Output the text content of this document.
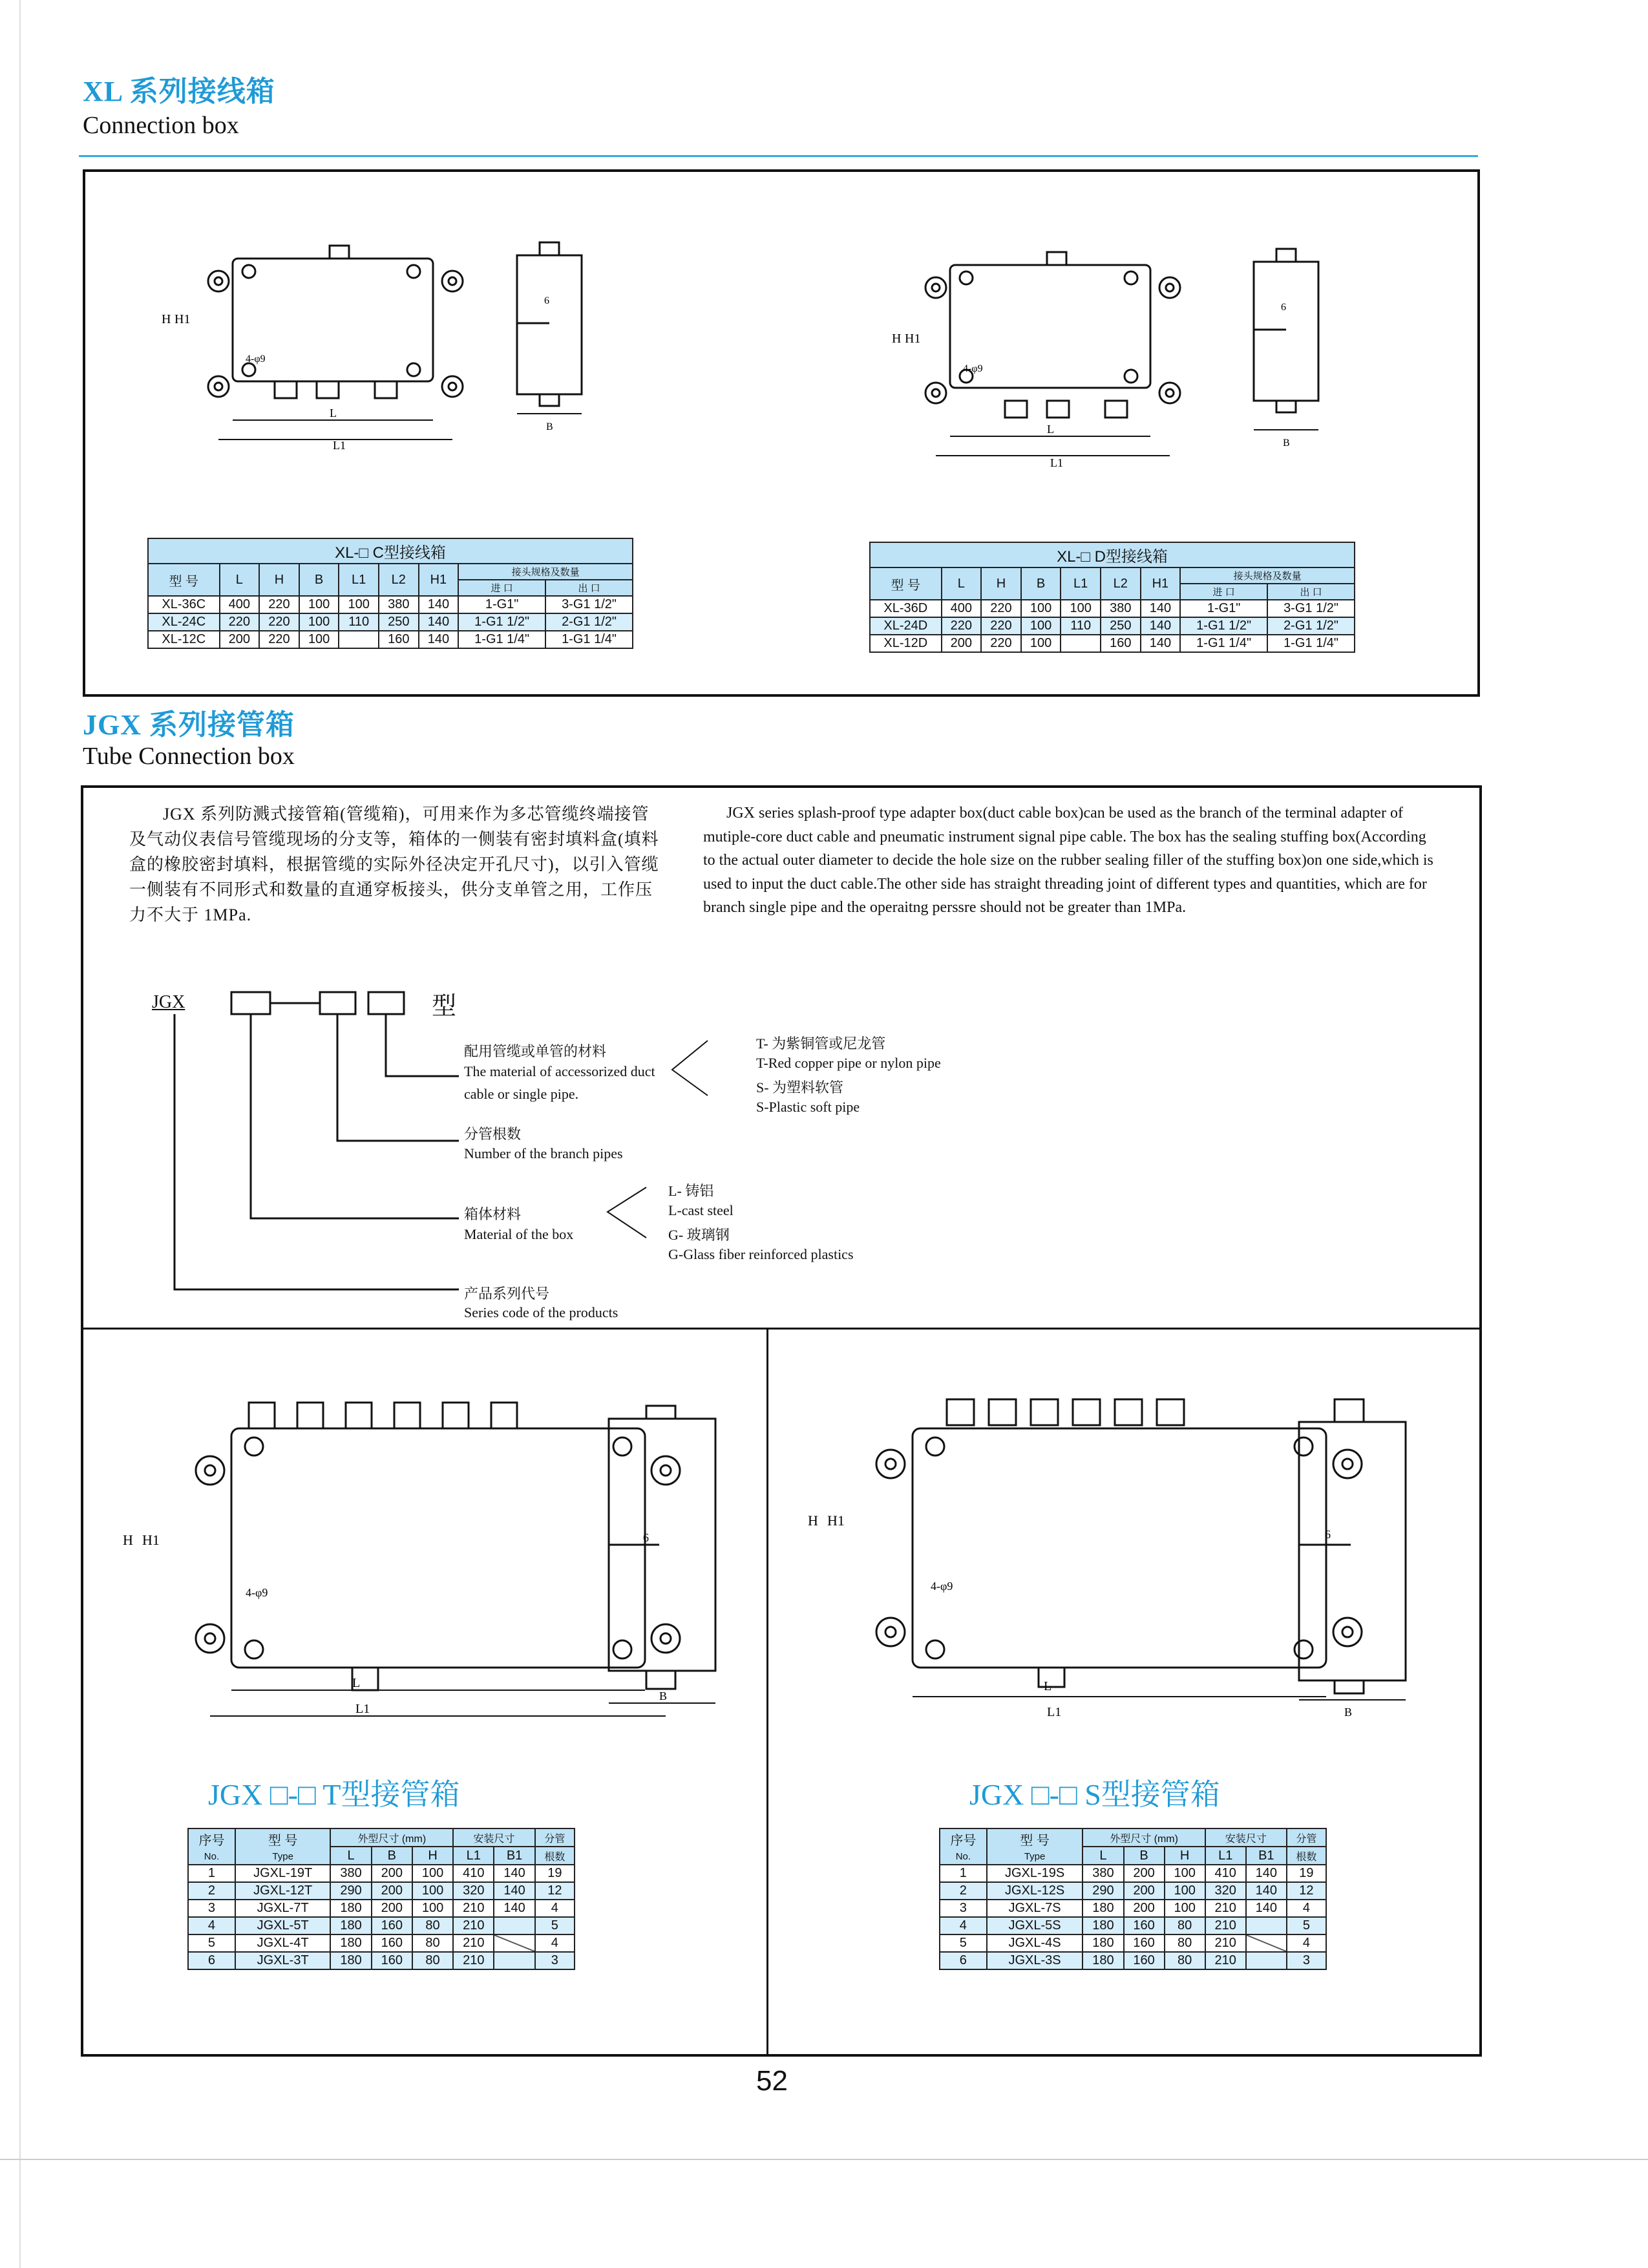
XL 系列接线箱
Connection box
H H1
4-φ9
L
L1
6
B
H H1
4-φ9
L
L1
6
B
XL-□ C型接线箱								
型 号	L	H	B	L1	L2	H1	接头规格及数量	
							进 口	出 口
XL-36C	400	220	100	100	380	140	1-G1"	3-G1 1/2"
XL-24C	220	220	100	110	250	140	1-G1 1/2"	2-G1 1/2"
XL-12C	200	220	100		160	140	1-G1 1/4"	1-G1 1/4"
XL-□ D型接线箱								
型 号	L	H	B	L1	L2	H1	接头规格及数量	
							进 口	出 口
XL-36D	400	220	100	100	380	140	1-G1"	3-G1 1/2"
XL-24D	220	220	100	110	250	140	1-G1 1/2"	2-G1 1/2"
XL-12D	200	220	100		160	140	1-G1 1/4"	1-G1 1/4"
JGX 系列接管箱
Tube Connection box
JGX 系列防溅式接管箱(管缆箱)，可用来作为多芯管缆终端接管及气动仪表信号管缆现场的分支等，箱体的一侧装有密封填料盒(填料盒的橡胶密封填料，根据管缆的实际外径决定开孔尺寸)，以引入管缆一侧装有不同形式和数量的直通穿板接头，供分支单管之用，工作压力不大于 1MPa.
JGX series splash-proof type adapter box(duct cable box)can be used as the branch of the terminal adapter of mutiple-core duct cable and pneumatic instrument signal pipe cable. The box has the sealing stuffing box(According to the actual outer diameter to decide the hole size on the rubber sealing filler of the stuffing box)on one side,which is used to input the duct cable.The other side has straight threading joint of different types and quantities, which are for branch single pipe and the operaitng perssre should not be greater than 1MPa.
JGX	型
配用管缆或单管的材料
The material of accessorized duct
cable or single pipe.
T- 为紫铜管或尼龙管
T-Red copper pipe or nylon pipe
S- 为塑料软管
S-Plastic soft pipe
分管根数
Number of the branch pipes
箱体材料
Material of the box
L- 铸铝
L-cast steel
G- 玻璃钢
G-Glass fiber reinforced plastics
产品系列代号
Series code of the products
H H1
4-φ9
L
L1
6
B
H H1
4-φ9
L
L1
6
B
JGX □-□ T型接管箱	JGX □-□ S型接管箱
序号
No.	型 号
Type	外型尺寸 (mm)			安装尺寸		分管
		L	B	H	L1	B1	根数
1	JGXL-19T	380	200	100	410	140	19
2	JGXL-12T	290	200	100	320	140	12
3	JGXL-7T	180	200	100	210	140	4
4	JGXL-5T	180	160	80	210		5
5	JGXL-4T	180	160	80	210		4
6	JGXL-3T	180	160	80	210		3
序号
No.	型 号
Type	外型尺寸 (mm)			安装尺寸		分管
		L	B	H	L1	B1	根数
1	JGXL-19S	380	200	100	410	140	19
2	JGXL-12S	290	200	100	320	140	12
3	JGXL-7S	180	200	100	210	140	4
4	JGXL-5S	180	160	80	210		5
5	JGXL-4S	180	160	80	210		4
6	JGXL-3S	180	160	80	210		3
52
